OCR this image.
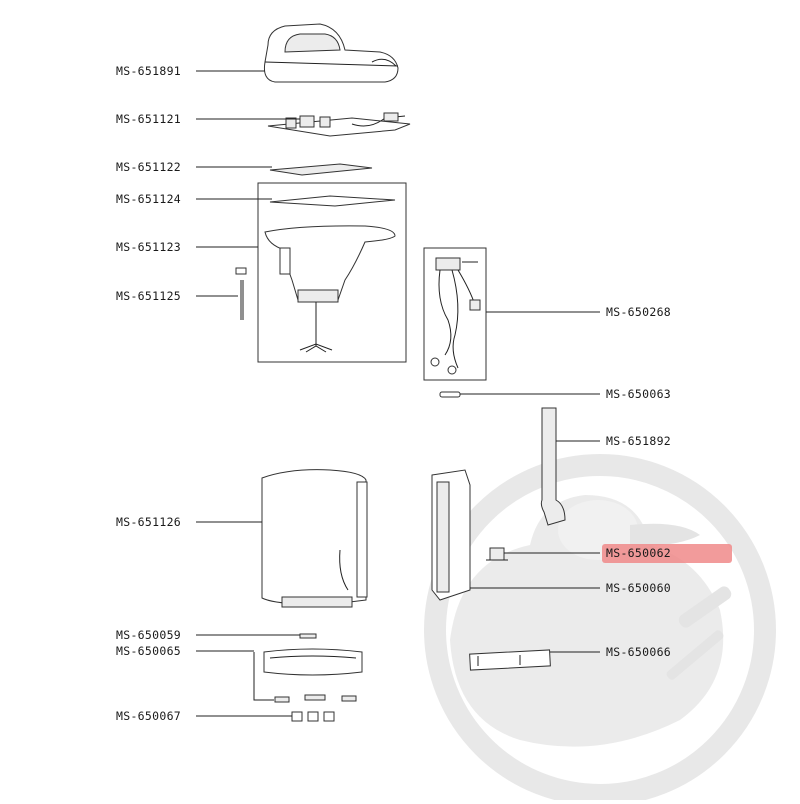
MS-651891
MS-651121
MS-651122
MS-651124
MS-651123
MS-651125
MS-651126
MS-650059
MS-650065
MS-650067
MS-650268
MS-650063
MS-651892
MS-650062
MS-650060
MS-650066
